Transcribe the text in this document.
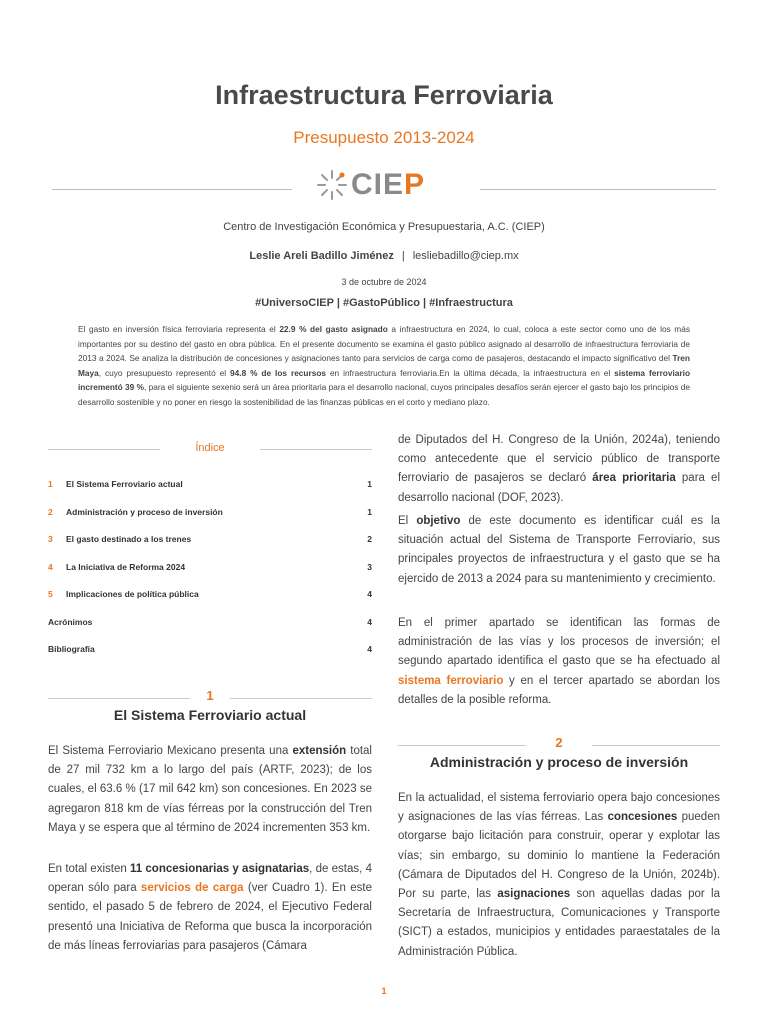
Infraestructura Ferroviaria
Presupuesto 2013-2024
CIEP
Centro de Investigación Económica y Presupuestaria, A.C. (CIEP)
Leslie Areli Badillo Jiménez | lesliebadillo@ciep.mx
3 de octubre de 2024
#UniversoCIEP | #GastoPúblico | #Infraestructura
El gasto en inversión física ferroviaria representa el 22.9 % del gasto asignado a infraestructura en 2024, lo cual, coloca a este sector como uno de los más importantes por su destino del gasto en obra pública. En el presente documento se examina el gasto público asignado al desarrollo de infraestructura ferroviaria de 2013 a 2024. Se analiza la distribución de concesiones y asignaciones tanto para servicios de carga como de pasajeros, destacando el impacto significativo del Tren Maya, cuyo presupuesto representó el 94.8 % de los recursos en infraestructura ferroviaria.En la última década, la infraestructura en el sistema ferroviario incrementó 39 %, para el siguiente sexenio será un área prioritaria para el desarrollo nacional, cuyos principales desafíos serán ejercer el gasto bajo los principios de desarrollo sostenible y no poner en riesgo la sostenibilidad de las finanzas públicas en el corto y mediano plazo.
Índice
1 El Sistema Ferroviario actual	1
2 Administración y proceso de inversión	1
3 El gasto destinado a los trenes	2
4 La Iniciativa de Reforma 2024	3
5 Implicaciones de política pública	4
Acrónimos	4
Bibliografía	4
1
El Sistema Ferroviario actual
El Sistema Ferroviario Mexicano presenta una extensión total de 27 mil 732 km a lo largo del país (ARTF, 2023); de los cuales, el 63.6 % (17 mil 642 km) son concesiones. En 2023 se agregaron 818 km de vías férreas por la construcción del Tren Maya y se espera que al término de 2024 incrementen 353 km.
En total existen 11 concesionarias y asignatarias, de estas, 4 operan sólo para servicios de carga (ver Cuadro 1). En este sentido, el pasado 5 de febrero de 2024, el Ejecutivo Federal presentó una Iniciativa de Reforma que busca la incorporación de más líneas ferroviarias para pasajeros (Cámara
de Diputados del H. Congreso de la Unión, 2024a), teniendo como antecedente que el servicio público de transporte ferroviario de pasajeros se declaró área prioritaria para el desarrollo nacional (DOF, 2023).
El objetivo de este documento es identificar cuál es la situación actual del Sistema de Transporte Ferroviario, sus principales proyectos de infraestructura y el gasto que se ha ejercido de 2013 a 2024 para su mantenimiento y crecimiento.
En el primer apartado se identifican las formas de administración de las vías y los procesos de inversión; el segundo apartado identifica el gasto que se ha efectuado al sistema ferroviario y en el tercer apartado se abordan los detalles de la posible reforma.
2
Administración y proceso de inversión
En la actualidad, el sistema ferroviario opera bajo concesiones y asignaciones de las vías férreas. Las concesiones pueden otorgarse bajo licitación para construir, operar y explotar las vías; sin embargo, su dominio lo mantiene la Federación (Cámara de Diputados del H. Congreso de la Unión, 2024b). Por su parte, las asignaciones son aquellas dadas por la Secretaría de Infraestructura, Comunicaciones y Transporte (SICT) a estados, municipios y entidades paraestatales de la Administración Pública.
1
